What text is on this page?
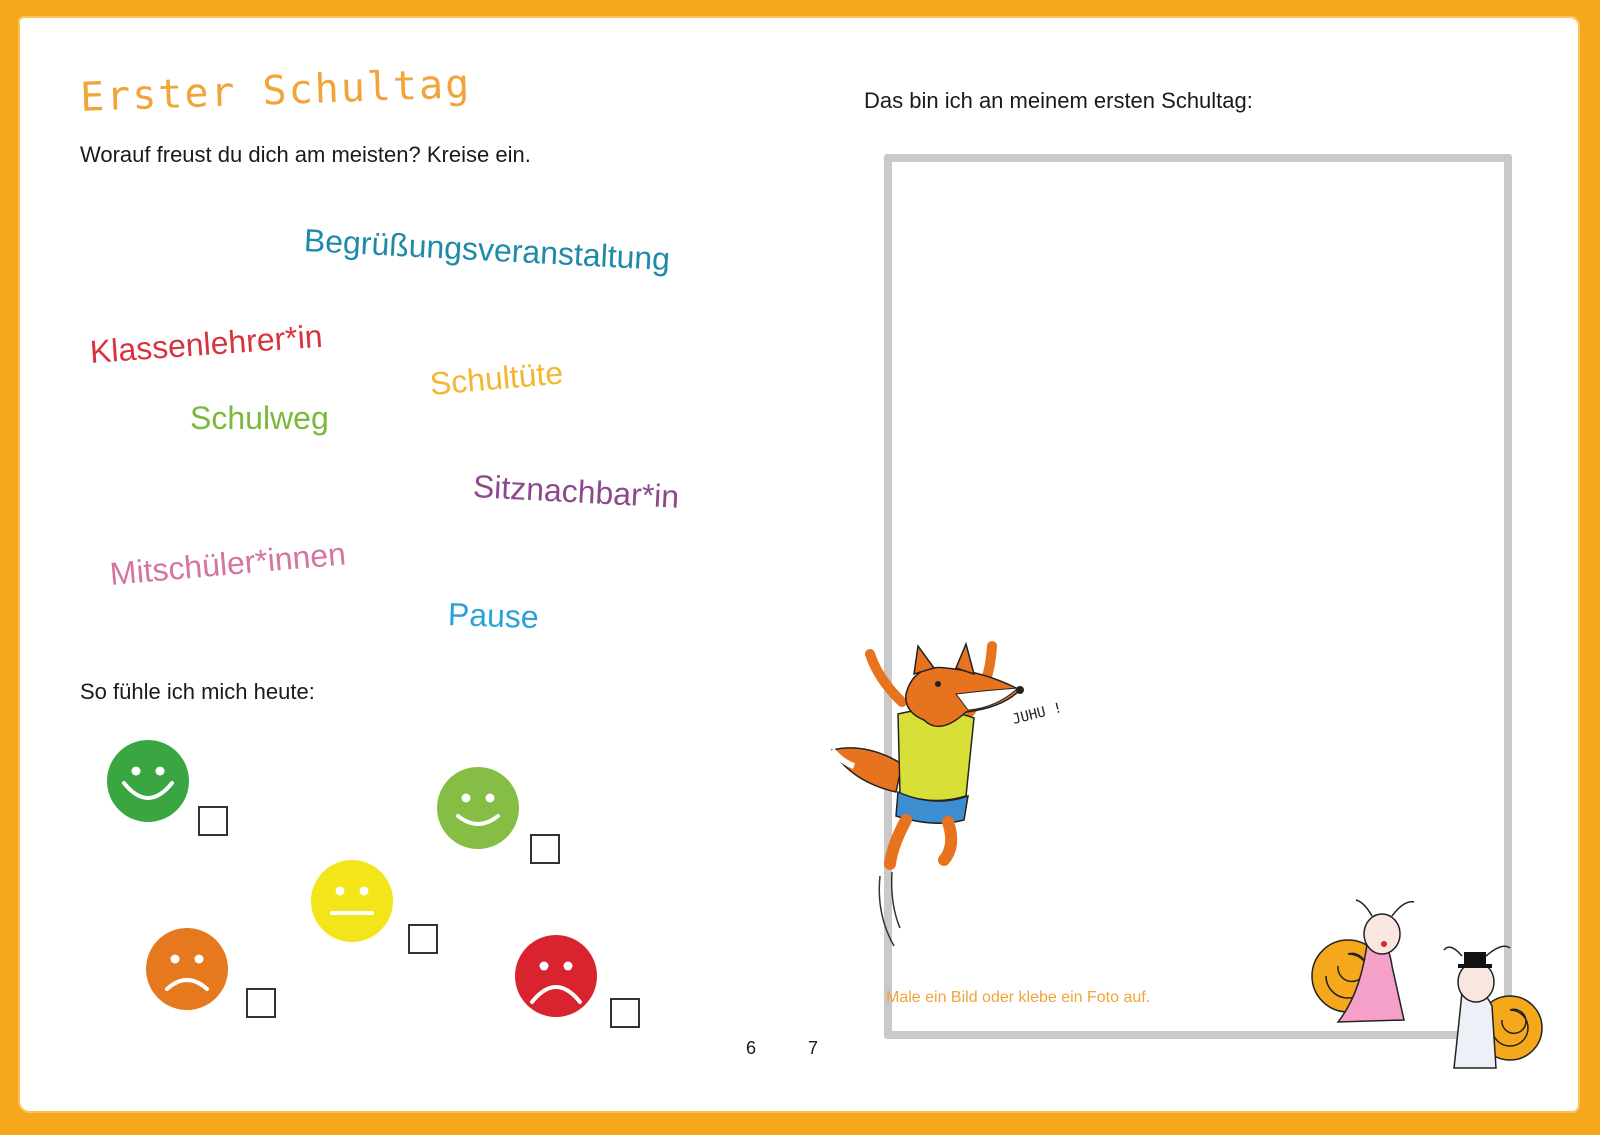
Erster Schultag
Worauf freust du dich am meisten? Kreise ein.
Begrüßungsveranstaltung
Klassenlehrer*in
Schultüte
Schulweg
Sitznachbar*in
Mitschüler*innen
Pause
So fühle ich mich heute:
6
Das bin ich an meinem ersten Schultag:
Male ein Bild oder klebe ein Foto auf.
JUHU !
7
